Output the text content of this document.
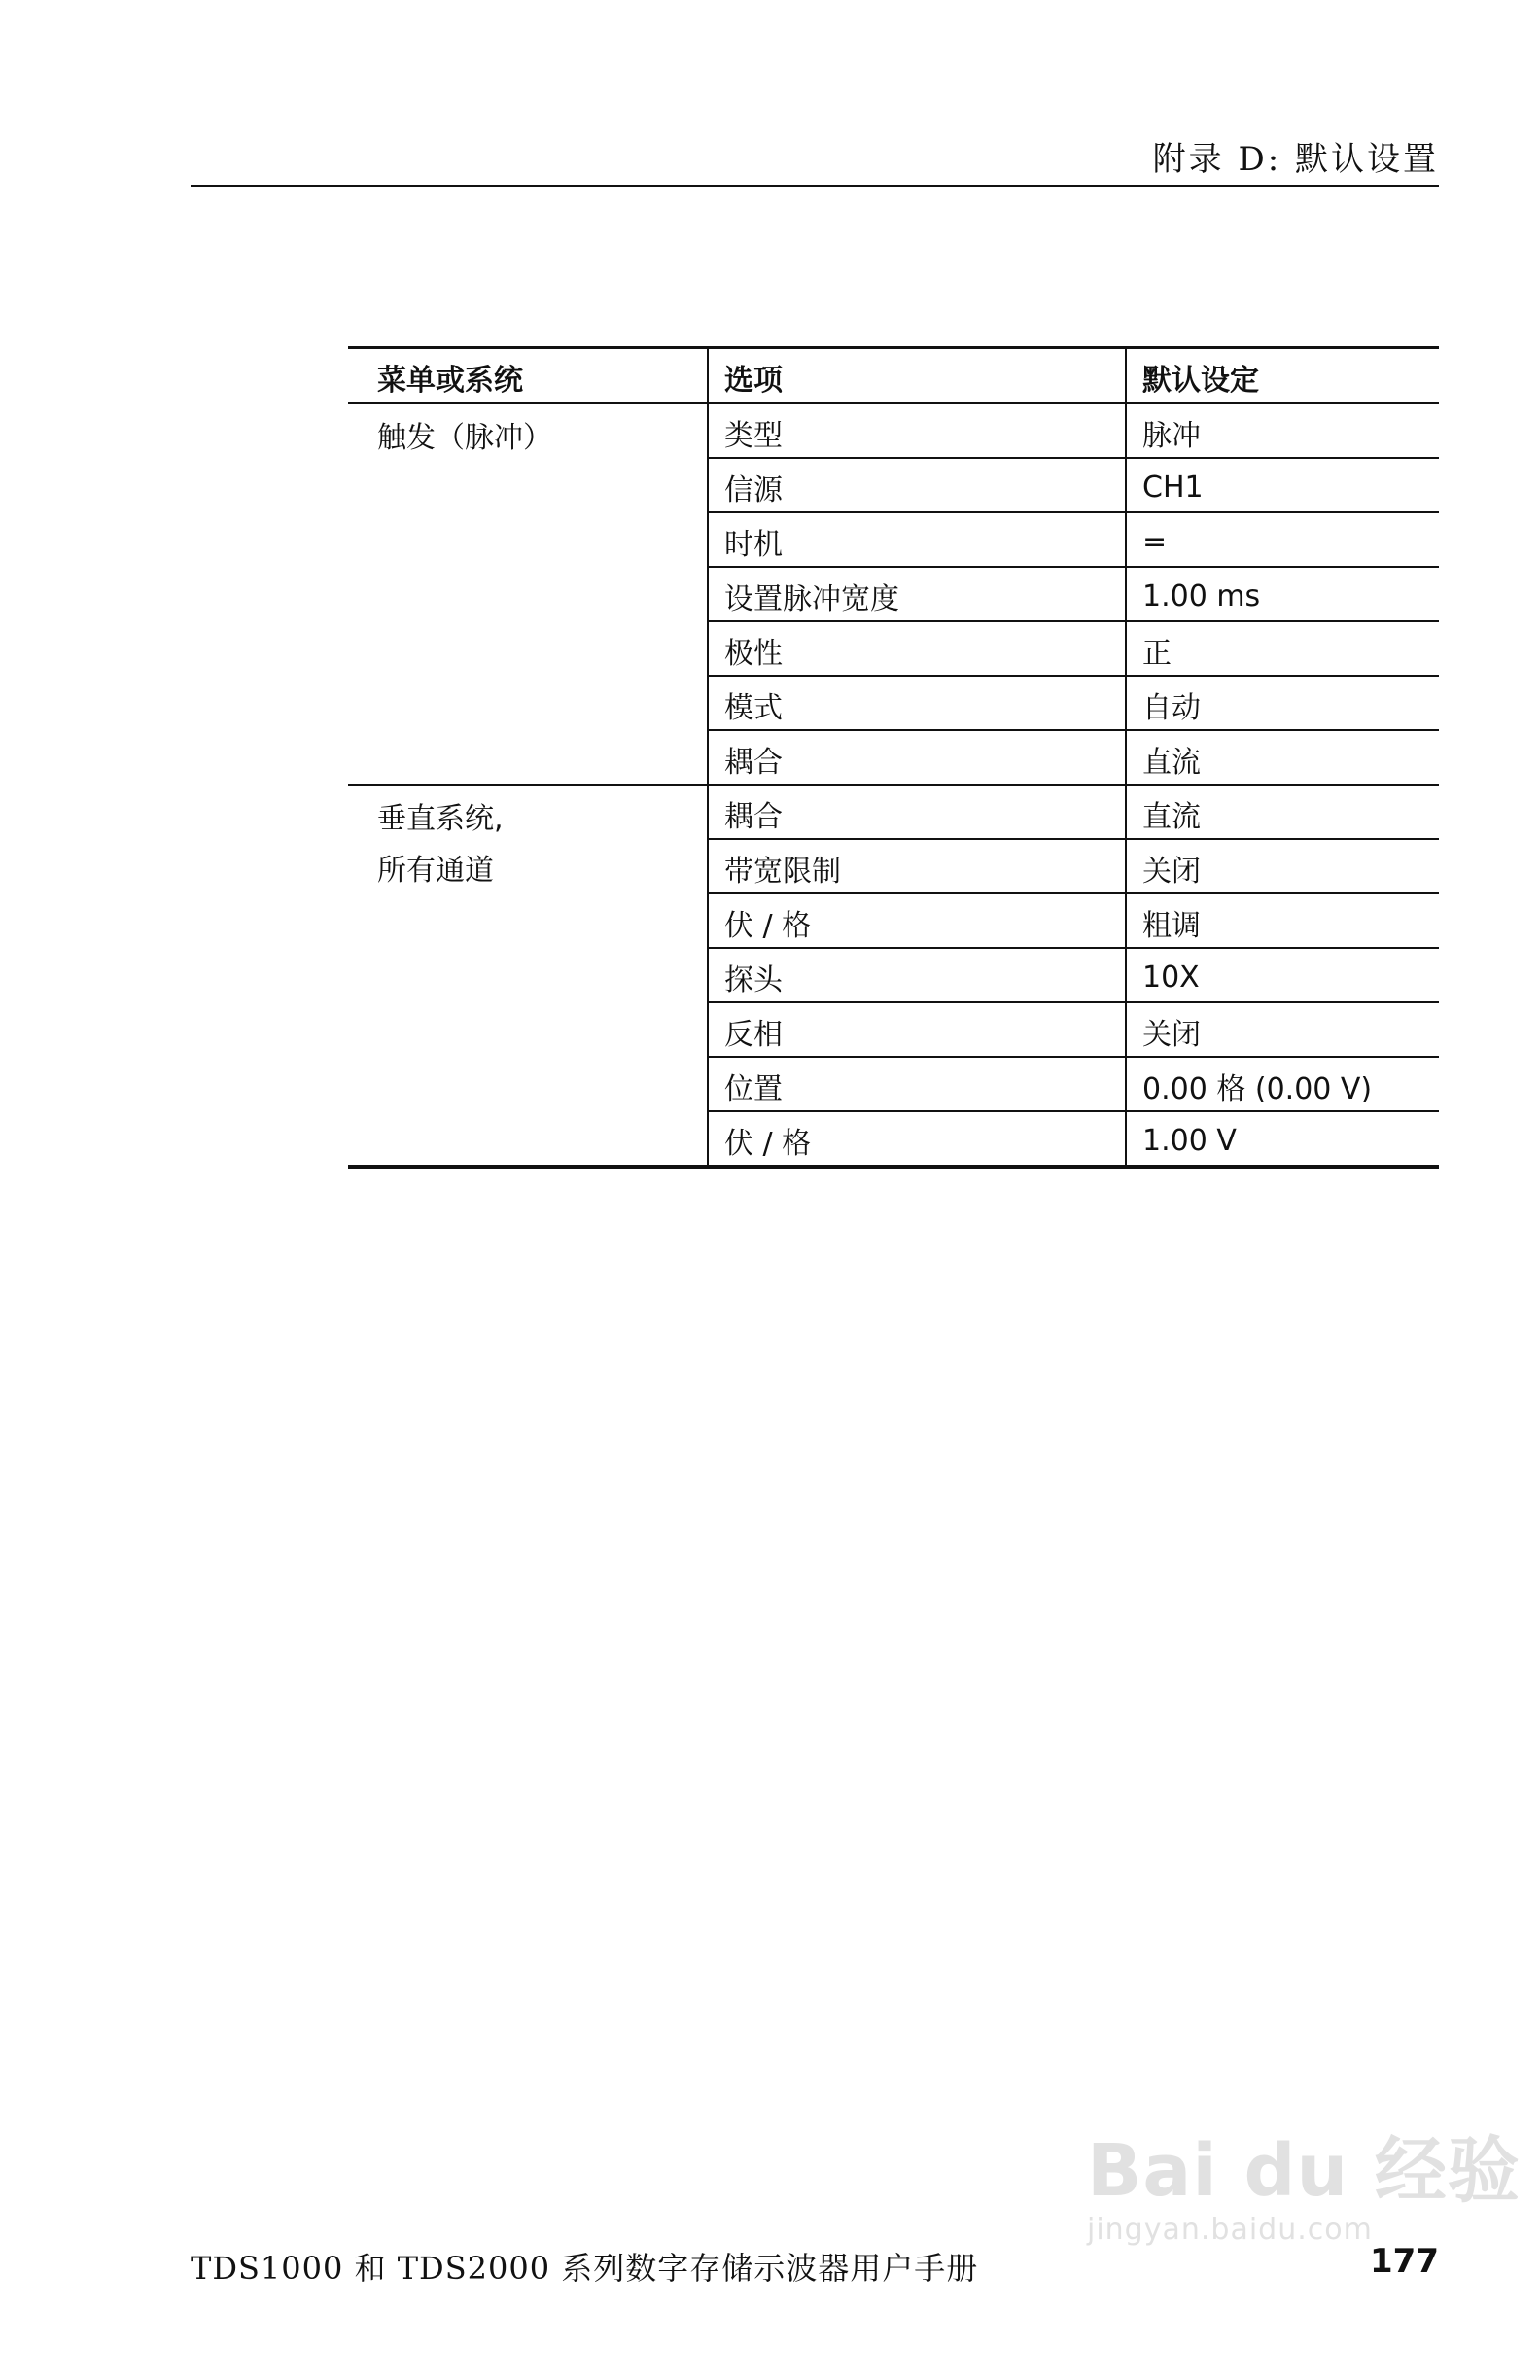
附录 D: 默认设置
菜单或系统	选项	默认设定

触发（脉冲）	类型	脉冲
	信源	CH1
	时机	=
	设置脉冲宽度	1.00 ms
	极性	正
	模式	自动
	耦合	直流

垂直系统,
所有通道	耦合	直流
	带宽限制	关闭
	伏 / 格	粗调
	探头	10X
	反相	关闭
	位置	0.00 格 (0.00 V)
	伏 / 格	1.00 V
Bai du 经验
jingyan.baidu.com
TDS1000 和 TDS2000 系列数字存储示波器用户手册	177
